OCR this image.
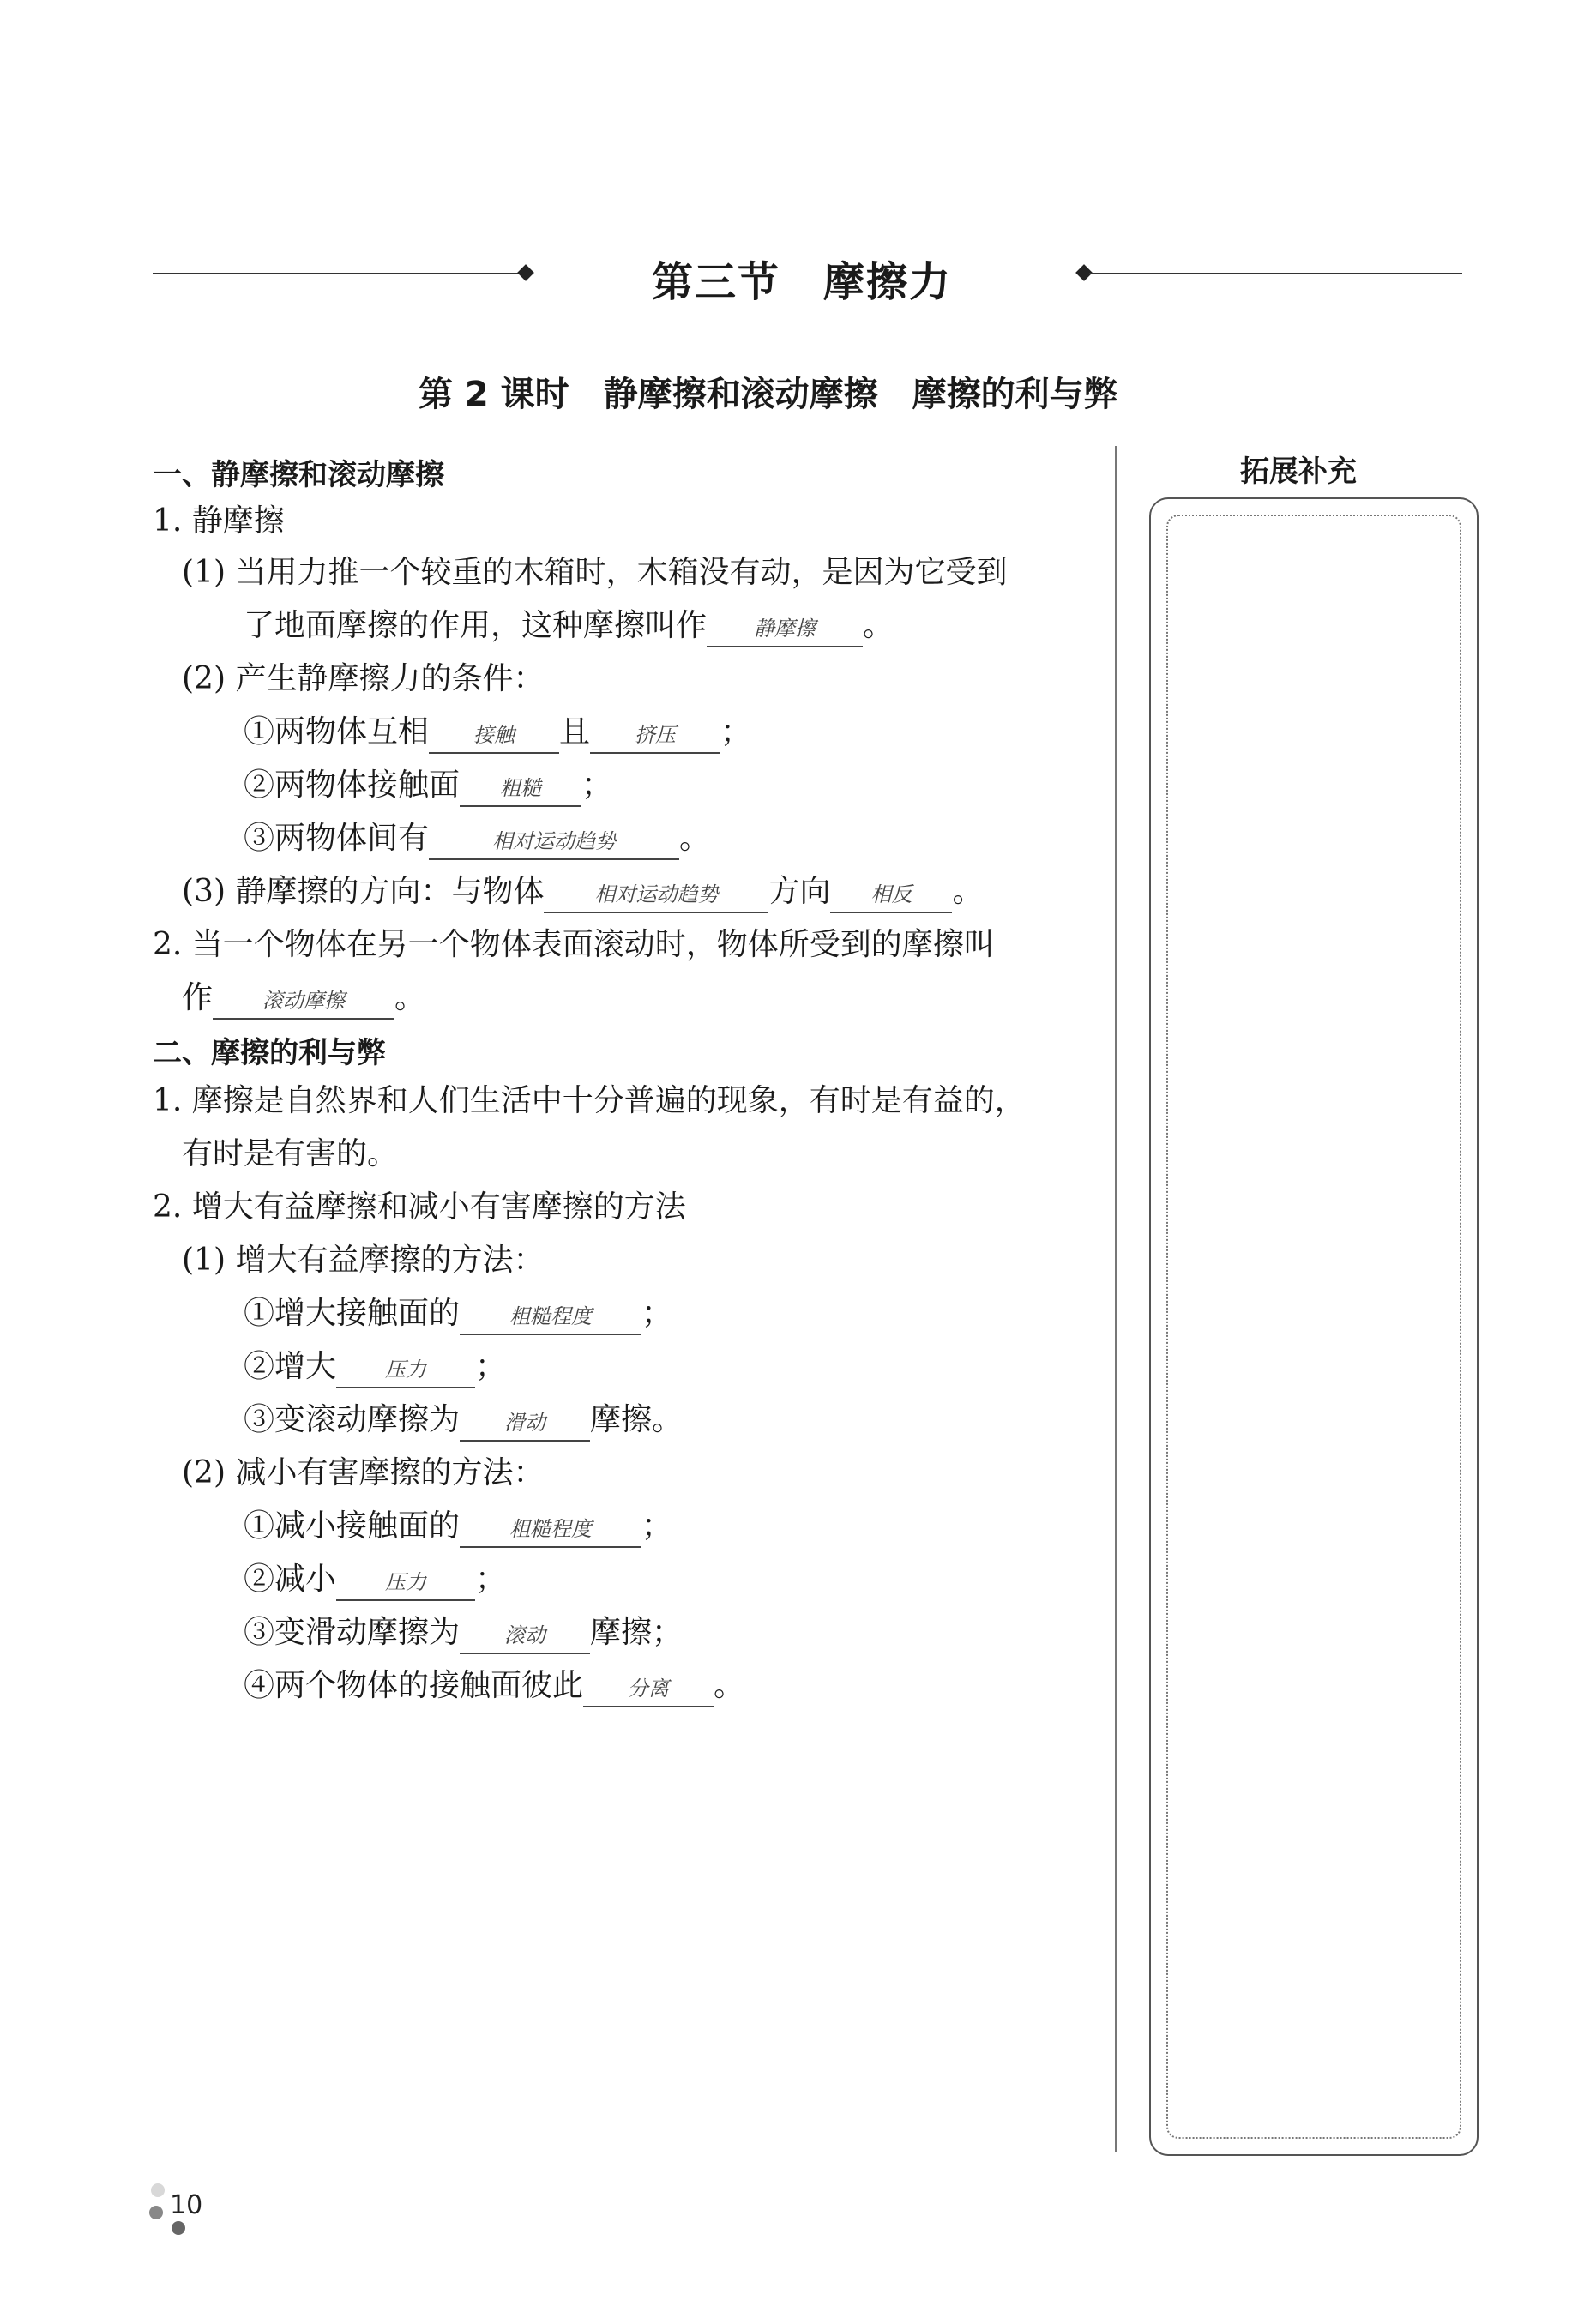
第三节　摩擦力
第 2 课时　静摩擦和滚动摩擦　摩擦的利与弊
一、静摩擦和滚动摩擦
1. 静摩擦
(1) 当用力推一个较重的木箱时，木箱没有动，是因为它受到
了地面摩擦的作用，这种摩擦叫作 静摩擦 。
(2) 产生静摩擦力的条件：
①两物体互相 接触 且 挤压 ；
②两物体接触面 粗糙 ；
③两物体间有	相对运动趋势 。
(3) 静摩擦的方向：与物体 相对运动趋势 方向 相反 。
2. 当一个物体在另一个物体表面滚动时，物体所受到的摩擦叫
作 滚动摩擦 。
二、摩擦的利与弊
1. 摩擦是自然界和人们生活中十分普遍的现象，有时是有益的，
有时是有害的。
2. 增大有益摩擦和减小有害摩擦的方法
(1) 增大有益摩擦的方法：
①增大接触面的 粗糙程度 ；
②增大 压力 ；
③变滚动摩擦为 滑动 摩擦。
(2) 减小有害摩擦的方法：
①减小接触面的 粗糙程度 ；
②减小 压力 ；
③变滑动摩擦为 滚动 摩擦；
④两个物体的接触面彼此 分离 。
拓展补充
10
